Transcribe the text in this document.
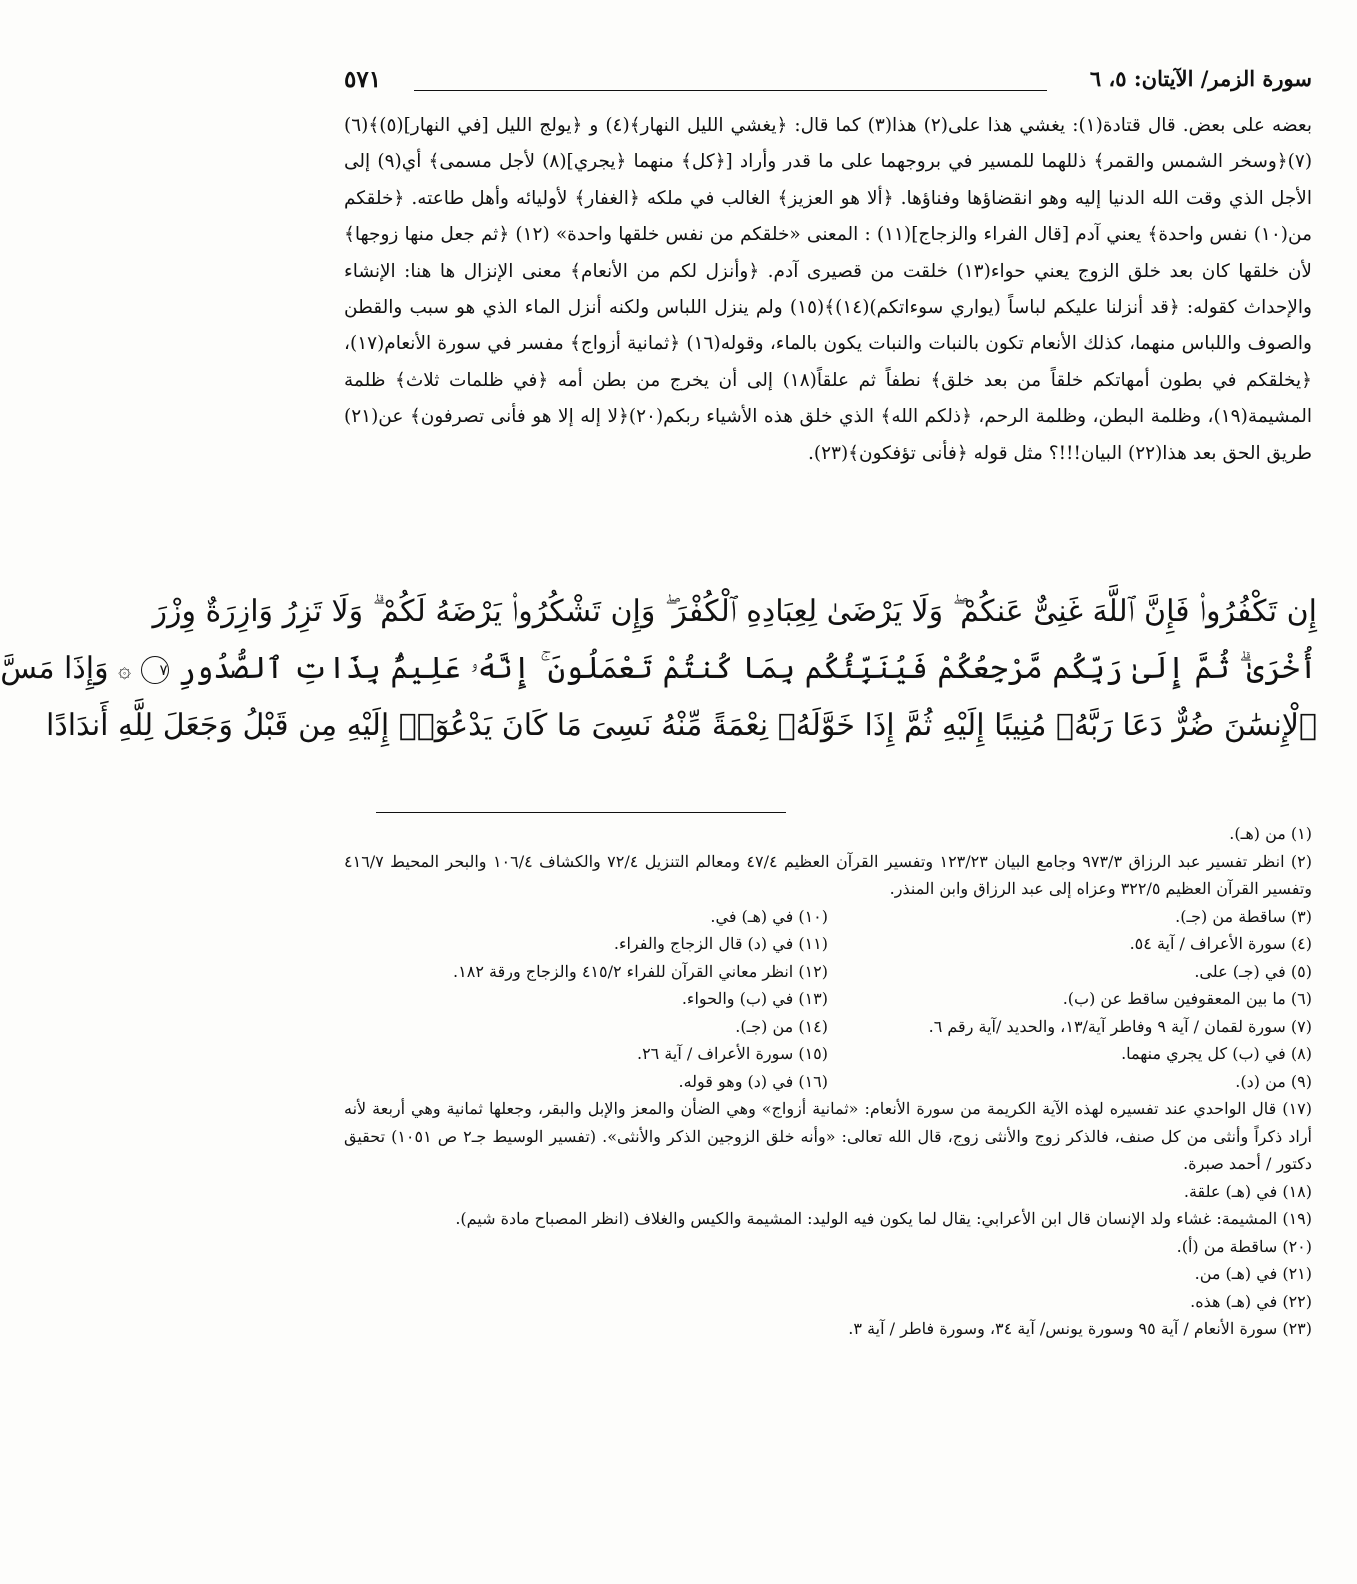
سورة الزمر/ الآيتان: ٥، ٦
٥٧١

بعضه على بعض. قال قتادة(١): يغشي هذا على(٢) هذا(٣) كما قال: ﴿يغشي الليل النهار﴾(٤) و ﴿يولج الليل [في النهار](٥)﴾(٦)(٧)﴿وسخر الشمس والقمر﴾ ذللهما للمسير في بروجهما على ما قدر وأراد [﴿كل﴾ منهما ﴿يجري](٨) لأجل مسمى﴾ أي(٩) إلى الأجل الذي وقت الله الدنيا إليه وهو انقضاؤها وفناؤها. ﴿ألا هو العزيز﴾ الغالب في ملكه ﴿الغفار﴾ لأوليائه وأهل طاعته. ﴿خلقكم من(١٠) نفس واحدة﴾ يعني آدم [قال الفراء والزجاج](١١) : المعنى «خلقكم من نفس خلقها واحدة» (١٢) ﴿ثم جعل منها زوجها﴾ لأن خلقها كان بعد خلق الزوج يعني حواء(١٣) خلقت من قصيرى آدم. ﴿وأنزل لكم من الأنعام﴾ معنى الإنزال ها هنا: الإنشاء والإحداث كقوله: ﴿قد أنزلنا عليكم لباساً (يواري سوءاتكم)(١٤)﴾(١٥) ولم ينزل اللباس ولكنه أنزل الماء الذي هو سبب والقطن والصوف واللباس منهما، كذلك الأنعام تكون بالنبات والنبات يكون بالماء، وقوله(١٦) ﴿ثمانية أزواج﴾ مفسر في سورة الأنعام(١٧)، ﴿يخلقكم في بطون أمهاتكم خلقاً من بعد خلق﴾ نطفاً ثم علقاً(١٨) إلى أن يخرج من بطن أمه ﴿في ظلمات ثلاث﴾ ظلمة المشيمة(١٩)، وظلمة البطن، وظلمة الرحم، ﴿ذلكم الله﴾ الذي خلق هذه الأشياء ربكم(٢٠)﴿لا إله إلا هو فأنى تصرفون﴾ عن(٢١) طريق الحق بعد هذا(٢٢) البيان!!!؟ مثل قوله ﴿فأنى تؤفكون﴾(٢٣).

إِن تَكْفُرُوا۟ فَإِنَّ ٱللَّهَ غَنِىٌّ عَنكُمْ ۖ وَلَا يَرْضَىٰ لِعِبَادِهِ ٱلْكُفْرَ ۖ وَإِن تَشْكُرُوا۟ يَرْضَهُ لَكُمْ ۗ وَلَا تَزِرُ وَازِرَةٌ وِزْرَ
أُخْرَىٰ ۗ ثُمَّ إِلَىٰ رَبِّكُم مَّرْجِعُكُمْ فَيُنَبِّئُكُم بِمَا كُنتُمْ تَعْمَلُونَ ۚ إِنَّهُۥ عَلِيمٌۢ بِذَاتِ ٱلصُّدُورِ ٧ ۞ وَإِذَا مَسَّ
ٱلْإِنسَٰنَ ضُرٌّ دَعَا رَبَّهُۥ مُنِيبًا إِلَيْهِ ثُمَّ إِذَا خَوَّلَهُۥ نِعْمَةً مِّنْهُ نَسِىَ مَا كَانَ يَدْعُوٓا۟ إِلَيْهِ مِن قَبْلُ وَجَعَلَ لِلَّهِ أَندَادًا
(١) من (هـ).
(٢) انظر تفسير عبد الرزاق ٩٧٣/٣ وجامع البيان ١٢٣/٢٣ وتفسير القرآن العظيم ٤٧/٤ ومعالم التنزيل ٧٢/٤ والكشاف ١٠٦/٤ والبحر المحيط ٤١٦/٧ وتفسير القرآن العظيم ٣٢٢/٥ وعزاه إلى عبد الرزاق وابن المنذر.
(٣) ساقطة من (جـ).
(٤) سورة الأعراف / آية ٥٤.
(٥) في (جـ) على.
(٦) ما بين المعقوفين ساقط عن (ب).
(٧) سورة لقمان / آية ٩ وفاطر آية/١٣، والحديد /آية رقم ٦.
(٨) في (ب) كل يجري منهما.
(٩) من (د).
(١٠) في (هـ) في.
(١١) في (د) قال الزجاج والفراء.
(١٢) انظر معاني القرآن للفراء ٤١٥/٢ والزجاج ورقة ١٨٢.
(١٣) في (ب) والحواء.
(١٤) من (جـ).
(١٥) سورة الأعراف / آية ٢٦.
(١٦) في (د) وهو قوله.
(١٧) قال الواحدي عند تفسيره لهذه الآية الكريمة من سورة الأنعام: «ثمانية أزواج» وهي الضأن والمعز والإبل والبقر، وجعلها ثمانية وهي أربعة لأنه أراد ذكراً وأنثى من كل صنف، فالذكر زوج والأنثى زوج، قال الله تعالى: «وأنه خلق الزوجين الذكر والأنثى». (تفسير الوسيط جـ٢ ص ١٠٥١) تحقيق دكتور / أحمد صبرة.
(١٨) في (هـ) علقة.
(١٩) المشيمة: غشاء ولد الإنسان قال ابن الأعرابي: يقال لما يكون فيه الوليد: المشيمة والكيس والغلاف (انظر المصباح مادة شيم).
(٢٠) ساقطة من (أ).
(٢١) في (هـ) من.
(٢٢) في (هـ) هذه.
(٢٣) سورة الأنعام / آية ٩٥ وسورة يونس/ آية ٣٤، وسورة فاطر / آية ٣.
